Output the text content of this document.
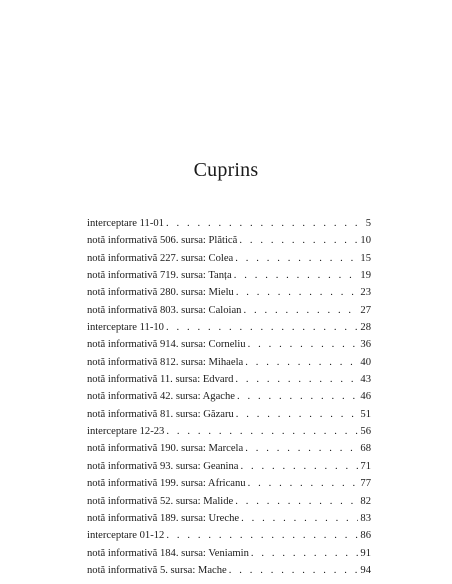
Cuprins
interceptare 11-01 . . .	5
notă informativă 506. sursa: Plătică . . .	10
notă informativă 227. sursa: Colea . . .	15
notă informativă 719. sursa: Tanța . . .	19
notă informativă 280. sursa: Mielu . . .	23
notă informativă 803. sursa: Caloian . . .	27
interceptare 11-10 . . .	28
notă informativă 914. sursa: Corneliu . . .	36
notă informativă 812. sursa: Mihaela . . .	40
notă informativă 11. sursa: Edvard . . .	43
notă informativă 42. sursa: Agache . . .	46
notă informativă 81. sursa: Găzaru . . .	51
interceptare 12-23 . . .	56
notă informativă 190. sursa: Marcela . . .	68
notă informativă 93. sursa: Geanina . . .	71
notă informativă 199. sursa: Africanu . . .	77
notă informativă 52. sursa: Malide . . .	82
notă informativă 189. sursa: Ureche . . .	83
interceptare 01-12 . . .	86
notă informativă 184. sursa: Veniamin . . .	91
notă informativă 5. sursa: Mache . . .	94
